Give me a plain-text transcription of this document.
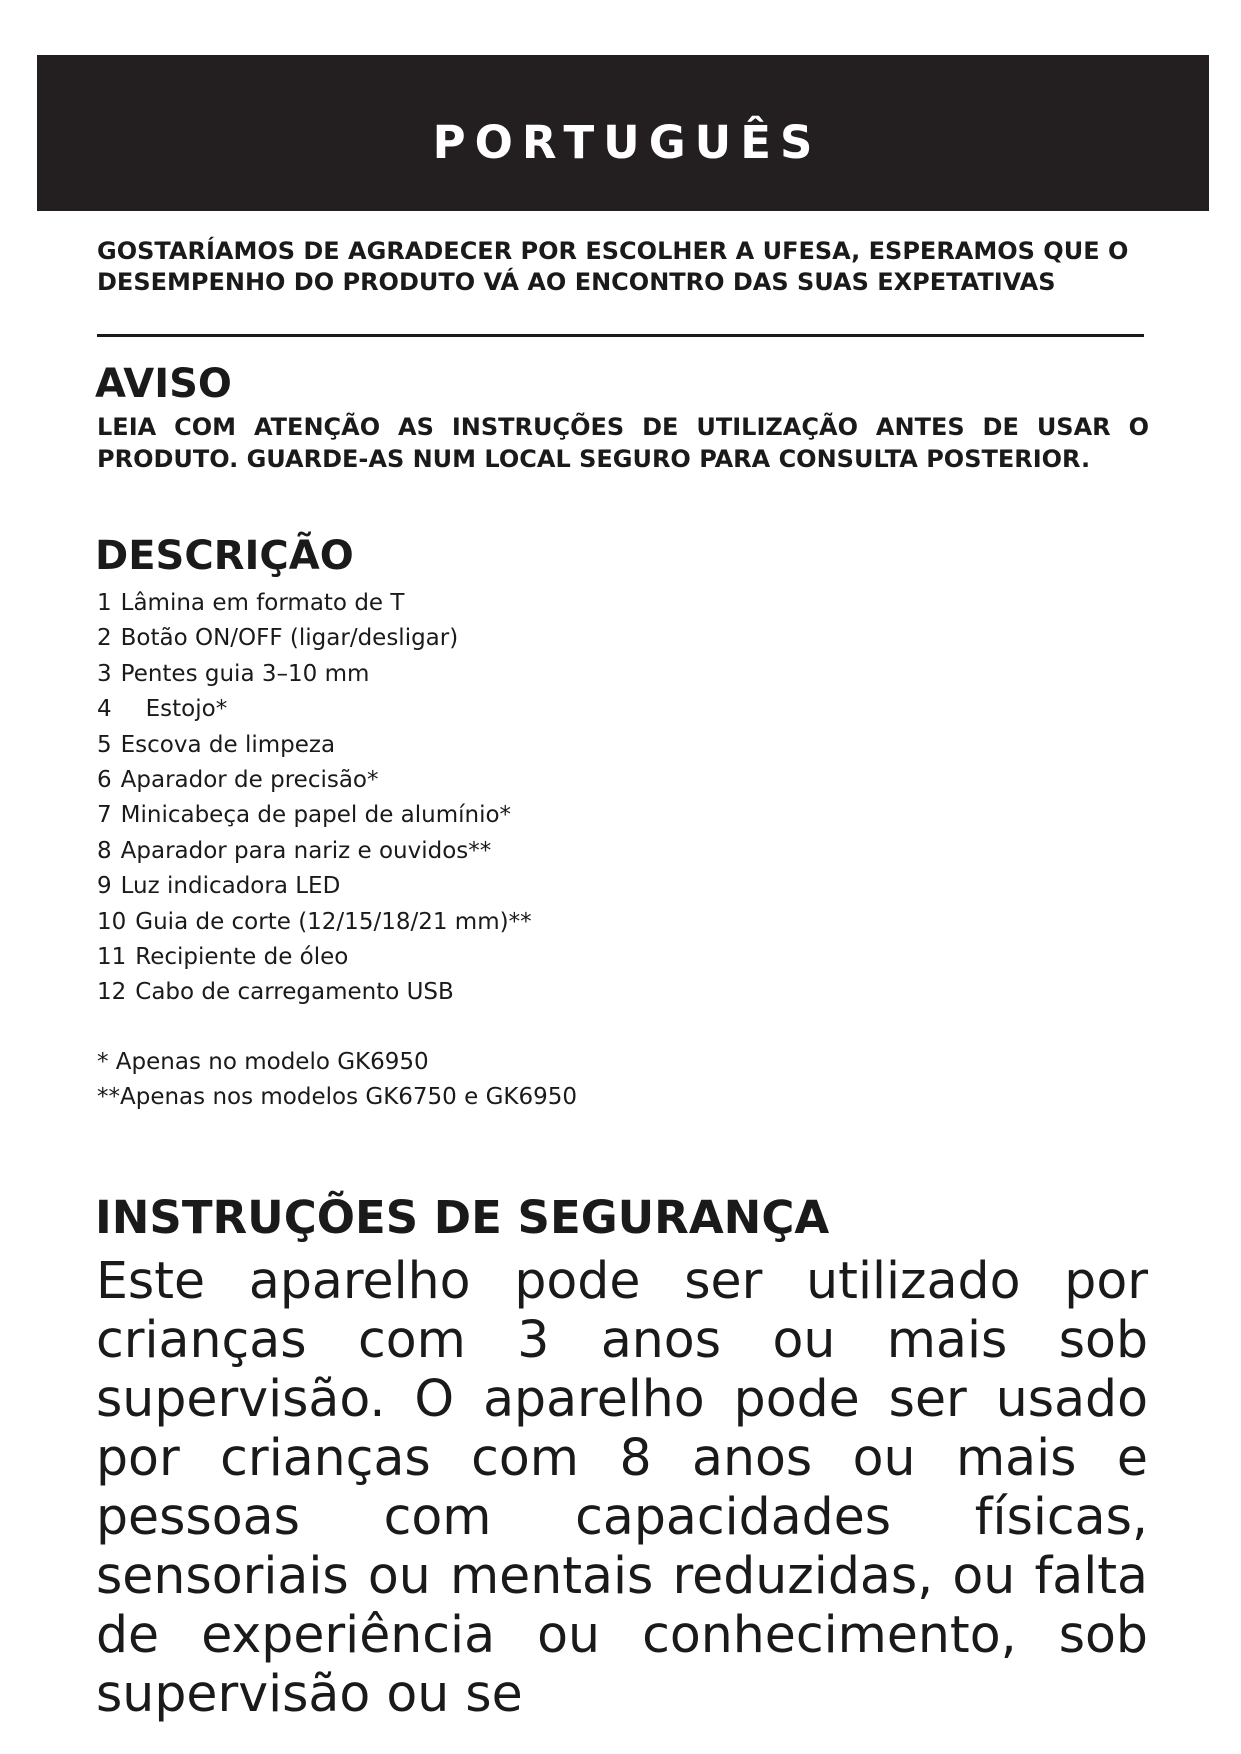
PORTUGUÊS
GOSTARÍAMOS DE AGRADECER POR ESCOLHER A UFESA, ESPERAMOS QUE O DESEMPENHO DO PRODUTO VÁ AO ENCONTRO DAS SUAS EXPETATIVAS
AVISO
LEIA COM ATENÇÃO AS INSTRUÇÕES DE UTILIZAÇÃO ANTES DE USAR O PRODUTO. GUARDE-AS NUM LOCAL SEGURO PARA CONSULTA POSTERIOR.
DESCRIÇÃO
1 Lâmina em formato de T
2 Botão ON/OFF (ligar/desligar)
3 Pentes guia 3–10 mm
4 Estojo*
5 Escova de limpeza
6 Aparador de precisão*
7 Minicabeça de papel de alumínio*
8 Aparador para nariz e ouvidos**
9 Luz indicadora LED
10 Guia de corte (12/15/18/21 mm)**
11 Recipiente de óleo
12 Cabo de carregamento USB
* Apenas no modelo GK6950
**Apenas nos modelos GK6750 e GK6950
INSTRUÇÕES DE SEGURANÇA
Este aparelho pode ser utilizado por crianças com 3 anos ou mais sob supervisão. O aparelho pode ser usado por crianças com 8 anos ou mais e pessoas com capacidades físicas, sensoriais ou mentais reduzidas, ou falta de experiência ou conhecimento, sob supervisão ou se
